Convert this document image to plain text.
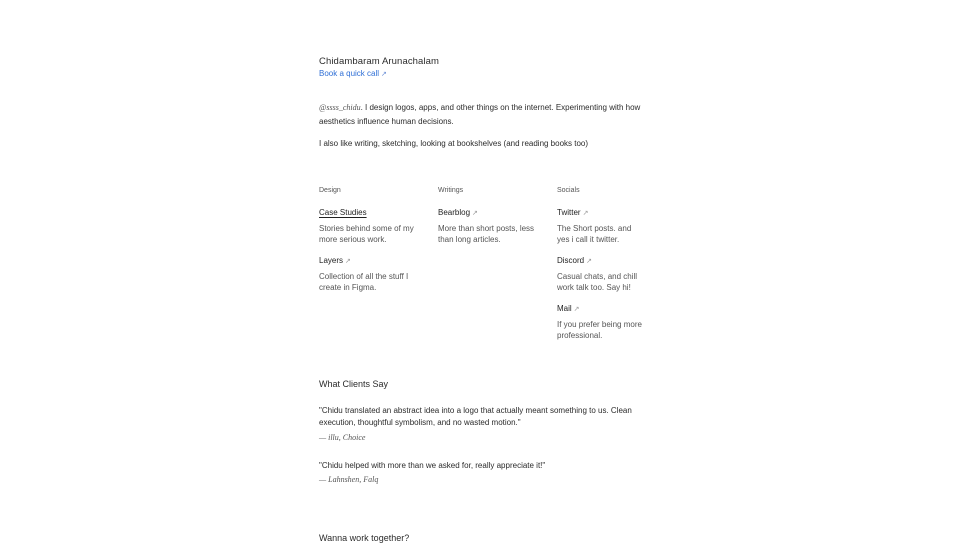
Chidambaram Arunachalam
Book a quick call ↗
@ssss_chidu. I design logos, apps, and other things on the internet. Experimenting with how aesthetics influence human decisions.
I also like writing, sketching, looking at bookshelves (and reading books too)
Design
Case Studies
Stories behind some of my more serious work.
Layers ↗
Collection of all the stuff I create in Figma.
Writings
Bearblog ↗
More than short posts, less than long articles.
Socials
Twitter ↗
The Short posts. and yes i call it twitter.
Discord ↗
Casual chats, and chill work talk too. Say hi!
Mail ↗
If you prefer being more professional.
What Clients Say
"Chidu translated an abstract idea into a logo that actually meant something to us. Clean execution, thoughtful symbolism, and no wasted motion."
— illu, Choice
"Chidu helped with more than we asked for, really appreciate it!"
— Lahnshen, Falq
Wanna work together?
